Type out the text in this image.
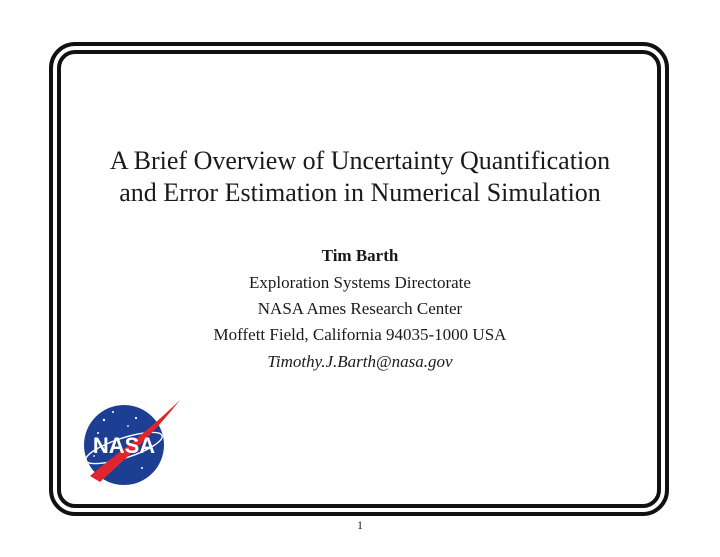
A Brief Overview of Uncertainty Quantification
and Error Estimation in Numerical Simulation
Tim Barth
Exploration Systems Directorate
NASA Ames Research Center
Moffett Field, California 94035-1000 USA
Timothy.J.Barth@nasa.gov
NASA
1
